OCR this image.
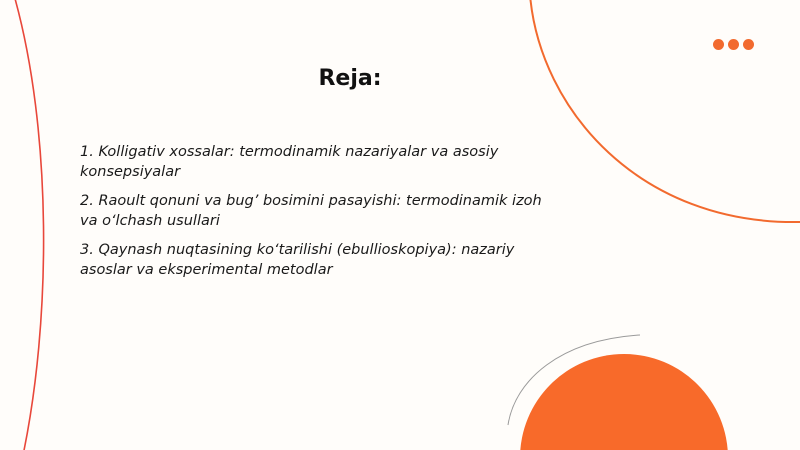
Reja:
1. Kolligativ xossalar: termodinamik nazariyalar va asosiy konsepsiyalar
2. Raoult qonuni va bug’ bosimini pasayishi: termodinamik izoh va o‘lchash usullari
3. Qaynash nuqtasining ko‘tarilishi (ebullioskopiya): nazariy asoslar va eksperimental metodlar
